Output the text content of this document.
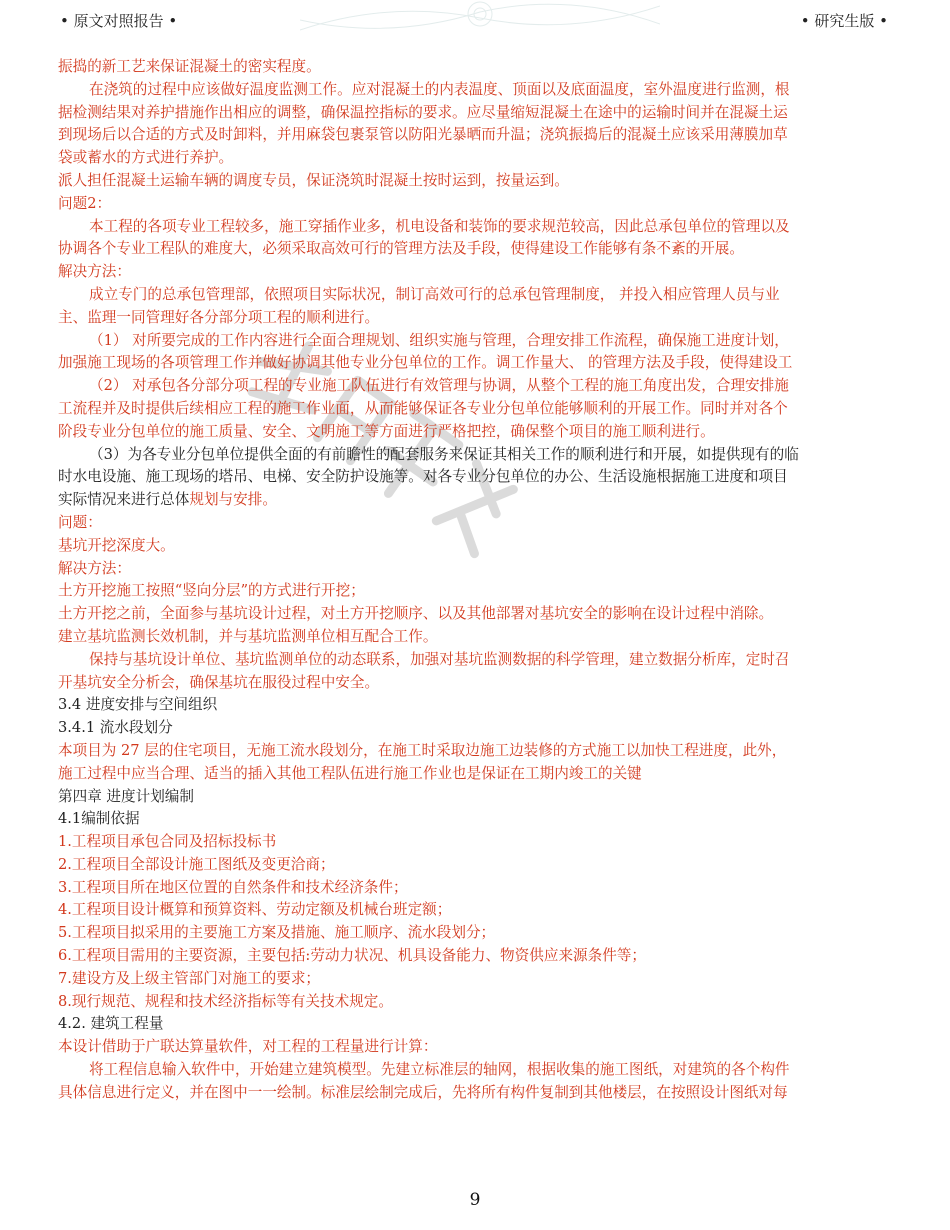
• 原文对照报告 •	• 研究生版 •

振捣的新工艺来保证混凝土的密实程度。

在浇筑的过程中应该做好温度监测工作。应对混凝土的内表温度、顶面以及底面温度，室外温度进行监测，根

据检测结果对养护措施作出相应的调整，确保温控指标的要求。应尽量缩短混凝土在途中的运输时间并在混凝土运

到现场后以合适的方式及时卸料，并用麻袋包裹泵管以防阳光暴晒而升温；浇筑振捣后的混凝土应该采用薄膜加草

袋或蓄水的方式进行养护。

派人担任混凝土运输车辆的调度专员，保证浇筑时混凝土按时运到，按量运到。

问题2：

本工程的各项专业工程较多，施工穿插作业多，机电设备和装饰的要求规范较高，因此总承包单位的管理以及

协调各个专业工程队的难度大，必须采取高效可行的管理方法及手段，使得建设工作能够有条不紊的开展。

解决方法：

成立专门的总承包管理部，依照项目实际状况，制订高效可行的总承包管理制度， 并投入相应管理人员与业

主、监理一同管理好各分部分项工程的顺利进行。

（1） 对所要完成的工作内容进行全面合理规划、组织实施与管理，合理安排工作流程，确保施工进度计划，

加强施工现场的各项管理工作并做好协调其他专业分包单位的工作。调工作量大、 的管理方法及手段，使得建设工

（2） 对承包各分部分项工程的专业施工队伍进行有效管理与协调，从整个工程的施工角度出发，合理安排施

工流程并及时提供后续相应工程的施工作业面，从而能够保证各专业分包单位能够顺利的开展工作。同时并对各个

阶段专业分包单位的施工质量、安全、文明施工等方面进行严格把控，确保整个项目的施工顺利进行。

（3）为各专业分包单位提供全面的有前瞻性的配套服务来保证其相关工作的顺利进行和开展，如提供现有的临

时水电设施、施工现场的塔吊、电梯、安全防护设施等。对各专业分包单位的办公、生活设施根据施工进度和项目

实际情况来进行总体规划与安排。

问题：

基坑开挖深度大。

解决方法：

土方开挖施工按照“竖向分层”的方式进行开挖；

土方开挖之前，全面参与基坑设计过程，对土方开挖顺序、以及其他部署对基坑安全的影响在设计过程中消除。

建立基坑监测长效机制，并与基坑监测单位相互配合工作。

保持与基坑设计单位、基坑监测单位的动态联系，加强对基坑监测数据的科学管理，建立数据分析库，定时召

开基坑安全分析会，确保基坑在服役过程中安全。

3.4 进度安排与空间组织

3.4.1 流水段划分

本项目为 27 层的住宅项目，无施工流水段划分，在施工时采取边施工边装修的方式施工以加快工程进度，此外，

施工过程中应当合理、适当的插入其他工程队伍进行施工作业也是保证在工期内竣工的关键

第四章 进度计划编制

4.1编制依据

1.工程项目承包合同及招标投标书

2.工程项目全部设计施工图纸及变更洽商；

3.工程项目所在地区位置的自然条件和技术经济条件；

4.工程项目设计概算和预算资料、劳动定额及机械台班定额；

5.工程项目拟采用的主要施工方案及措施、施工顺序、流水段划分；

6.工程项目需用的主要资源，主要包括:劳动力状况、机具设备能力、物资供应来源条件等；

7.建设方及上级主管部门对施工的要求；

8.现行规范、规程和技术经济指标等有关技术规定。

4.2. 建筑工程量

本设计借助于广联达算量软件，对工程的工程量进行计算：

将工程信息输入软件中，开始建立建筑模型。先建立标准层的轴网，根据收集的施工图纸，对建筑的各个构件

具体信息进行定义，并在图中一一绘制。标准层绘制完成后，先将所有构件复制到其他楼层，在按照设计图纸对每

9
